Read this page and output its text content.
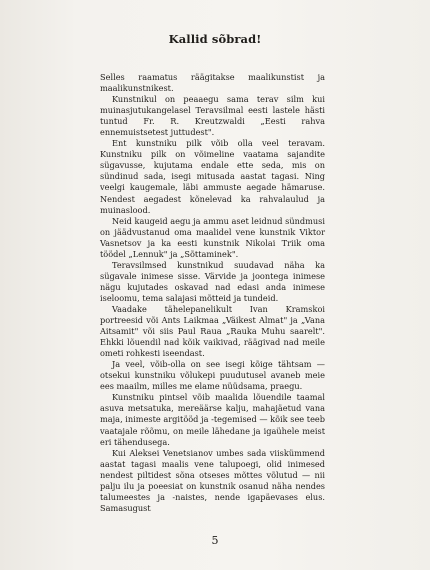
Kallid sõbrad!

Selles raamatus räägitakse maalikunstist ja maalikunstnikest.

Kunstnikul on peaaegu sama terav silm kui muinasjutukangelasel Teravsilmal eesti lastele hästi tuntud Fr. R. Kreutzwaldi „Eesti rahva ennemuistsetest juttudest".

Ent kunstniku pilk võib olla veel teravam. Kunstniku pilk on võimeline vaatama sajandite sügavusse, kujutama endale ette seda, mis on sündinud sada, isegi mitusada aastat tagasi. Ning veelgi kaugemale, läbi ammuste aegade hämaruse. Nendest aegadest kõnelevad ka rahvalaulud ja muinaslood.

Neid kaugeid aegu ja ammu aset leidnud sündmusi on jäädvustanud oma maalidel vene kunstnik Viktor Vasnetsov ja ka eesti kunstnik Nikolai Triik oma töödel „Lennuk" ja „Sõttaminek".

Teravsilmsed kunstnikud suudavad näha ka sügavale inimese sisse. Värvide ja joontega inimese nägu kujutades oskavad nad edasi anda inimese iseloomu, tema salajasi mõtteid ja tundeid.

Vaadake tähelepanelikult Ivan Kramskoi portreesid või Ants Laikmaa „Väikest Almat" ja „Vana Aitsamit" või siis Paul Raua „Rauka Muhu saarelt". Ehkki lõuendil nad kõik vaikivad, räägivad nad meile ometi rohkesti iseendast.

Ja veel, võib-olla on see isegi kõige tähtsam — otsekui kunstniku võlukepi puudutusel avaneb meie ees maailm, milles me elame nüüdsama, praegu.

Kunstniku pintsel võib maalida lõuendile taamal asuva metsatuka, mereäärse kalju, mahajäetud vana maja, inimeste argitööd ja -tegemised — kõik see teeb vaatajale rõõmu, on meile lähedane ja igaühele meist eri tähendusega.

Kui Aleksei Venetsianov umbes sada viiskümmend aastat tagasi maalis vene talupoegi, olid inimesed nendest piltidest sõna otseses mõttes võlutud — nii palju ilu ja poeesiat on kunstnik osanud näha nendes talumeestes ja -naistes, nende igapäevases elus. Samasugust

5
